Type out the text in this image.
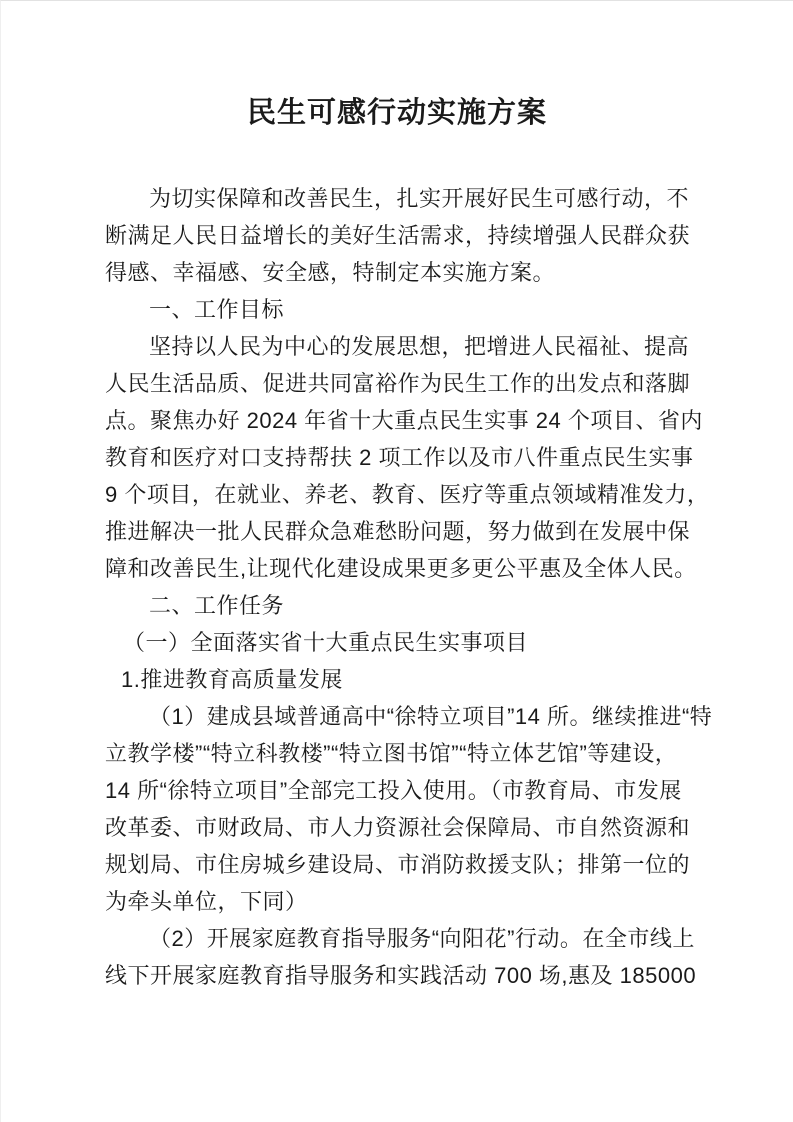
民生可感行动实施方案
为切实保障和改善民生，扎实开展好民生可感行动，不
断满足人民日益增长的美好生活需求，持续增强人民群众获
得感、幸福感、安全感，特制定本实施方案。
一、工作目标
坚持以人民为中心的发展思想，把增进人民福祉、提高
人民生活品质、促进共同富裕作为民生工作的出发点和落脚
点。聚焦办好 2024 年省十大重点民生实事 24 个项目、省内
教育和医疗对口支持帮扶 2 项工作以及市八件重点民生实事
9 个项目，在就业、养老、教育、医疗等重点领域精准发力，
推进解决一批人民群众急难愁盼问题，努力做到在发展中保
障和改善民生,让现代化建设成果更多更公平惠及全体人民。
二、工作任务
（一）全面落实省十大重点民生实事项目
1.推进教育高质量发展
（1）建成县域普通高中“徐特立项目”14 所。继续推进“特
立教学楼”“特立科教楼”“特立图书馆”“特立体艺馆”等建设，
14 所“徐特立项目”全部完工投入使用。（市教育局、市发展
改革委、市财政局、市人力资源社会保障局、市自然资源和
规划局、市住房城乡建设局、市消防救援支队；排第一位的
为牵头单位，下同）
（2）开展家庭教育指导服务“向阳花”行动。在全市线上
线下开展家庭教育指导服务和实践活动 700 场,惠及 185000
